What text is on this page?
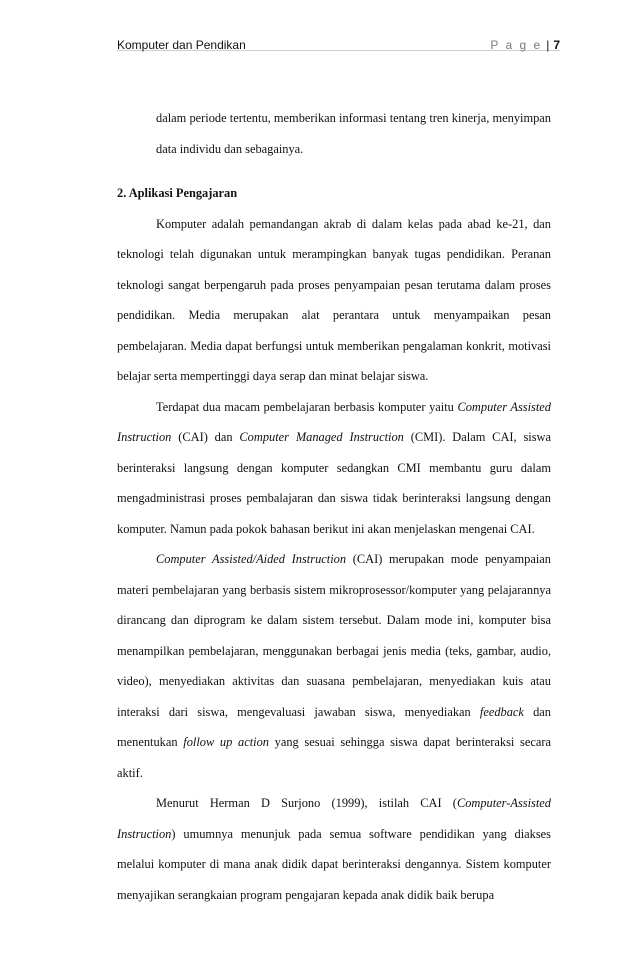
Komputer dan Pendikan	P a g e | 7

dalam periode tertentu, memberikan informasi tentang tren kinerja, menyimpan data individu dan sebagainya.

2. Aplikasi Pengajaran

Komputer adalah pemandangan akrab di dalam kelas pada abad ke-21, dan teknologi telah digunakan untuk merampingkan banyak tugas pendidikan. Peranan teknologi sangat berpengaruh pada proses penyampaian pesan terutama dalam proses pendidikan. Media merupakan alat perantara untuk menyampaikan pesan pembelajaran. Media dapat berfungsi untuk memberikan pengalaman konkrit, motivasi belajar serta mempertinggi daya serap dan minat belajar siswa.

Terdapat dua macam pembelajaran berbasis komputer yaitu Computer Assisted Instruction (CAI) dan Computer Managed Instruction (CMI). Dalam CAI, siswa berinteraksi langsung dengan komputer sedangkan CMI membantu guru dalam mengadministrasi proses pembalajaran dan siswa tidak berinteraksi langsung dengan komputer. Namun pada pokok bahasan berikut ini akan menjelaskan mengenai CAI.

Computer Assisted/Aided Instruction (CAI) merupakan mode penyampaian materi pembelajaran yang berbasis sistem mikroprosessor/komputer yang pelajarannya dirancang dan diprogram ke dalam sistem tersebut. Dalam mode ini, komputer bisa menampilkan pembelajaran, menggunakan berbagai jenis media (teks, gambar, audio, video), menyediakan aktivitas dan suasana pembelajaran, menyediakan kuis atau interaksi dari siswa, mengevaluasi jawaban siswa, menyediakan feedback dan menentukan follow up action yang sesuai sehingga siswa dapat berinteraksi secara aktif.

Menurut Herman D Surjono (1999), istilah CAI (Computer-Assisted Instruction) umumnya menunjuk pada semua software pendidikan yang diakses melalui komputer di mana anak didik dapat berinteraksi dengannya. Sistem komputer menyajikan serangkaian program pengajaran kepada anak didik baik berupa
